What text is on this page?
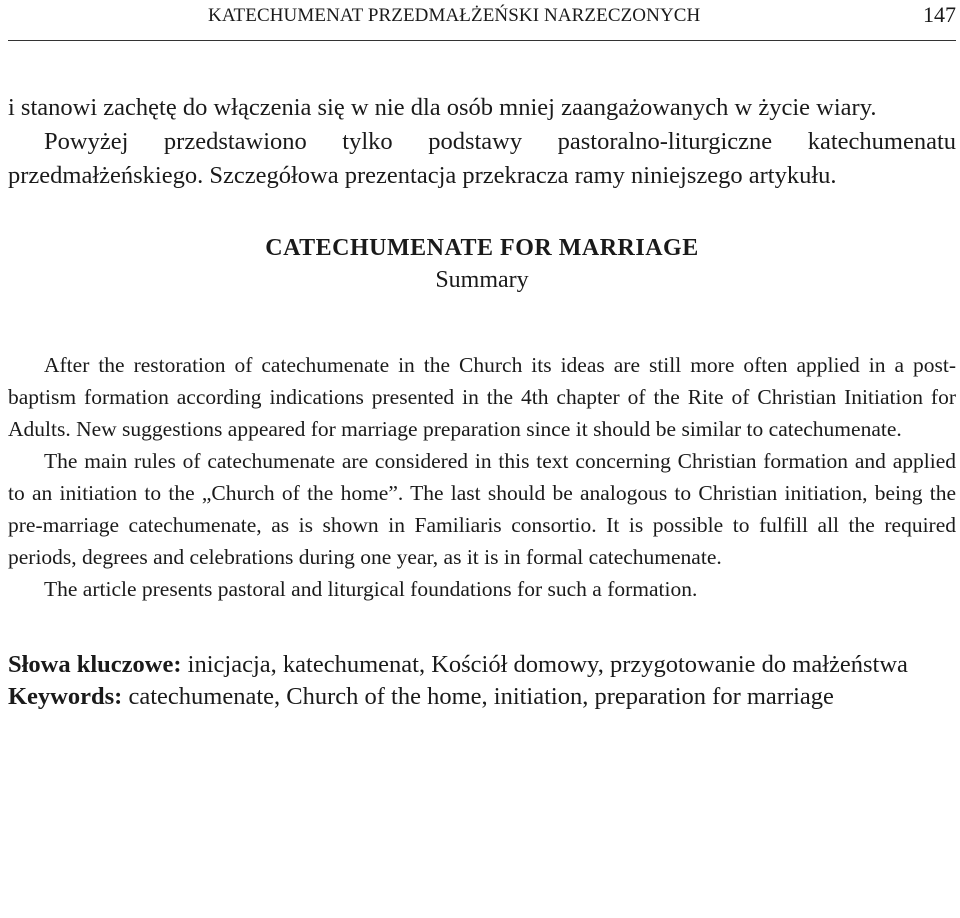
KATECHUMENAT PRZEDMAŁŻEŃSKI NARZECZONYCH	147

i stanowi zachętę do włączenia się w nie dla osób mniej zaangażowanych w życie wiary.

Powyżej przedstawiono tylko podstawy pastoralno-liturgiczne katechumenatu przedmałżeńskiego. Szczegółowa prezentacja przekracza ramy niniejszego artykułu.

CATECHUMENATE FOR MARRIAGE
Summary

After the restoration of catechumenate in the Church its ideas are still more often applied in a post-baptism formation according indications presented in the 4th chapter of the Rite of Christian Initiation for Adults. New suggestions appeared for marriage preparation since it should be similar to catechumenate.

The main rules of catechumenate are considered in this text concerning Christian formation and applied to an initiation to the „Church of the home”. The last should be analogous to Christian initiation, being the pre-marriage catechumenate, as is shown in Familiaris consortio. It is possible to fulfill all the required periods, degrees and celebrations during one year, as it is in formal catechumenate.

The article presents pastoral and liturgical foundations for such a formation.

Słowa kluczowe: inicjacja, katechumenat, Kościół domowy, przygotowanie do małżeństwa

Keywords: catechumenate, Church of the home, initiation, preparation for marriage
